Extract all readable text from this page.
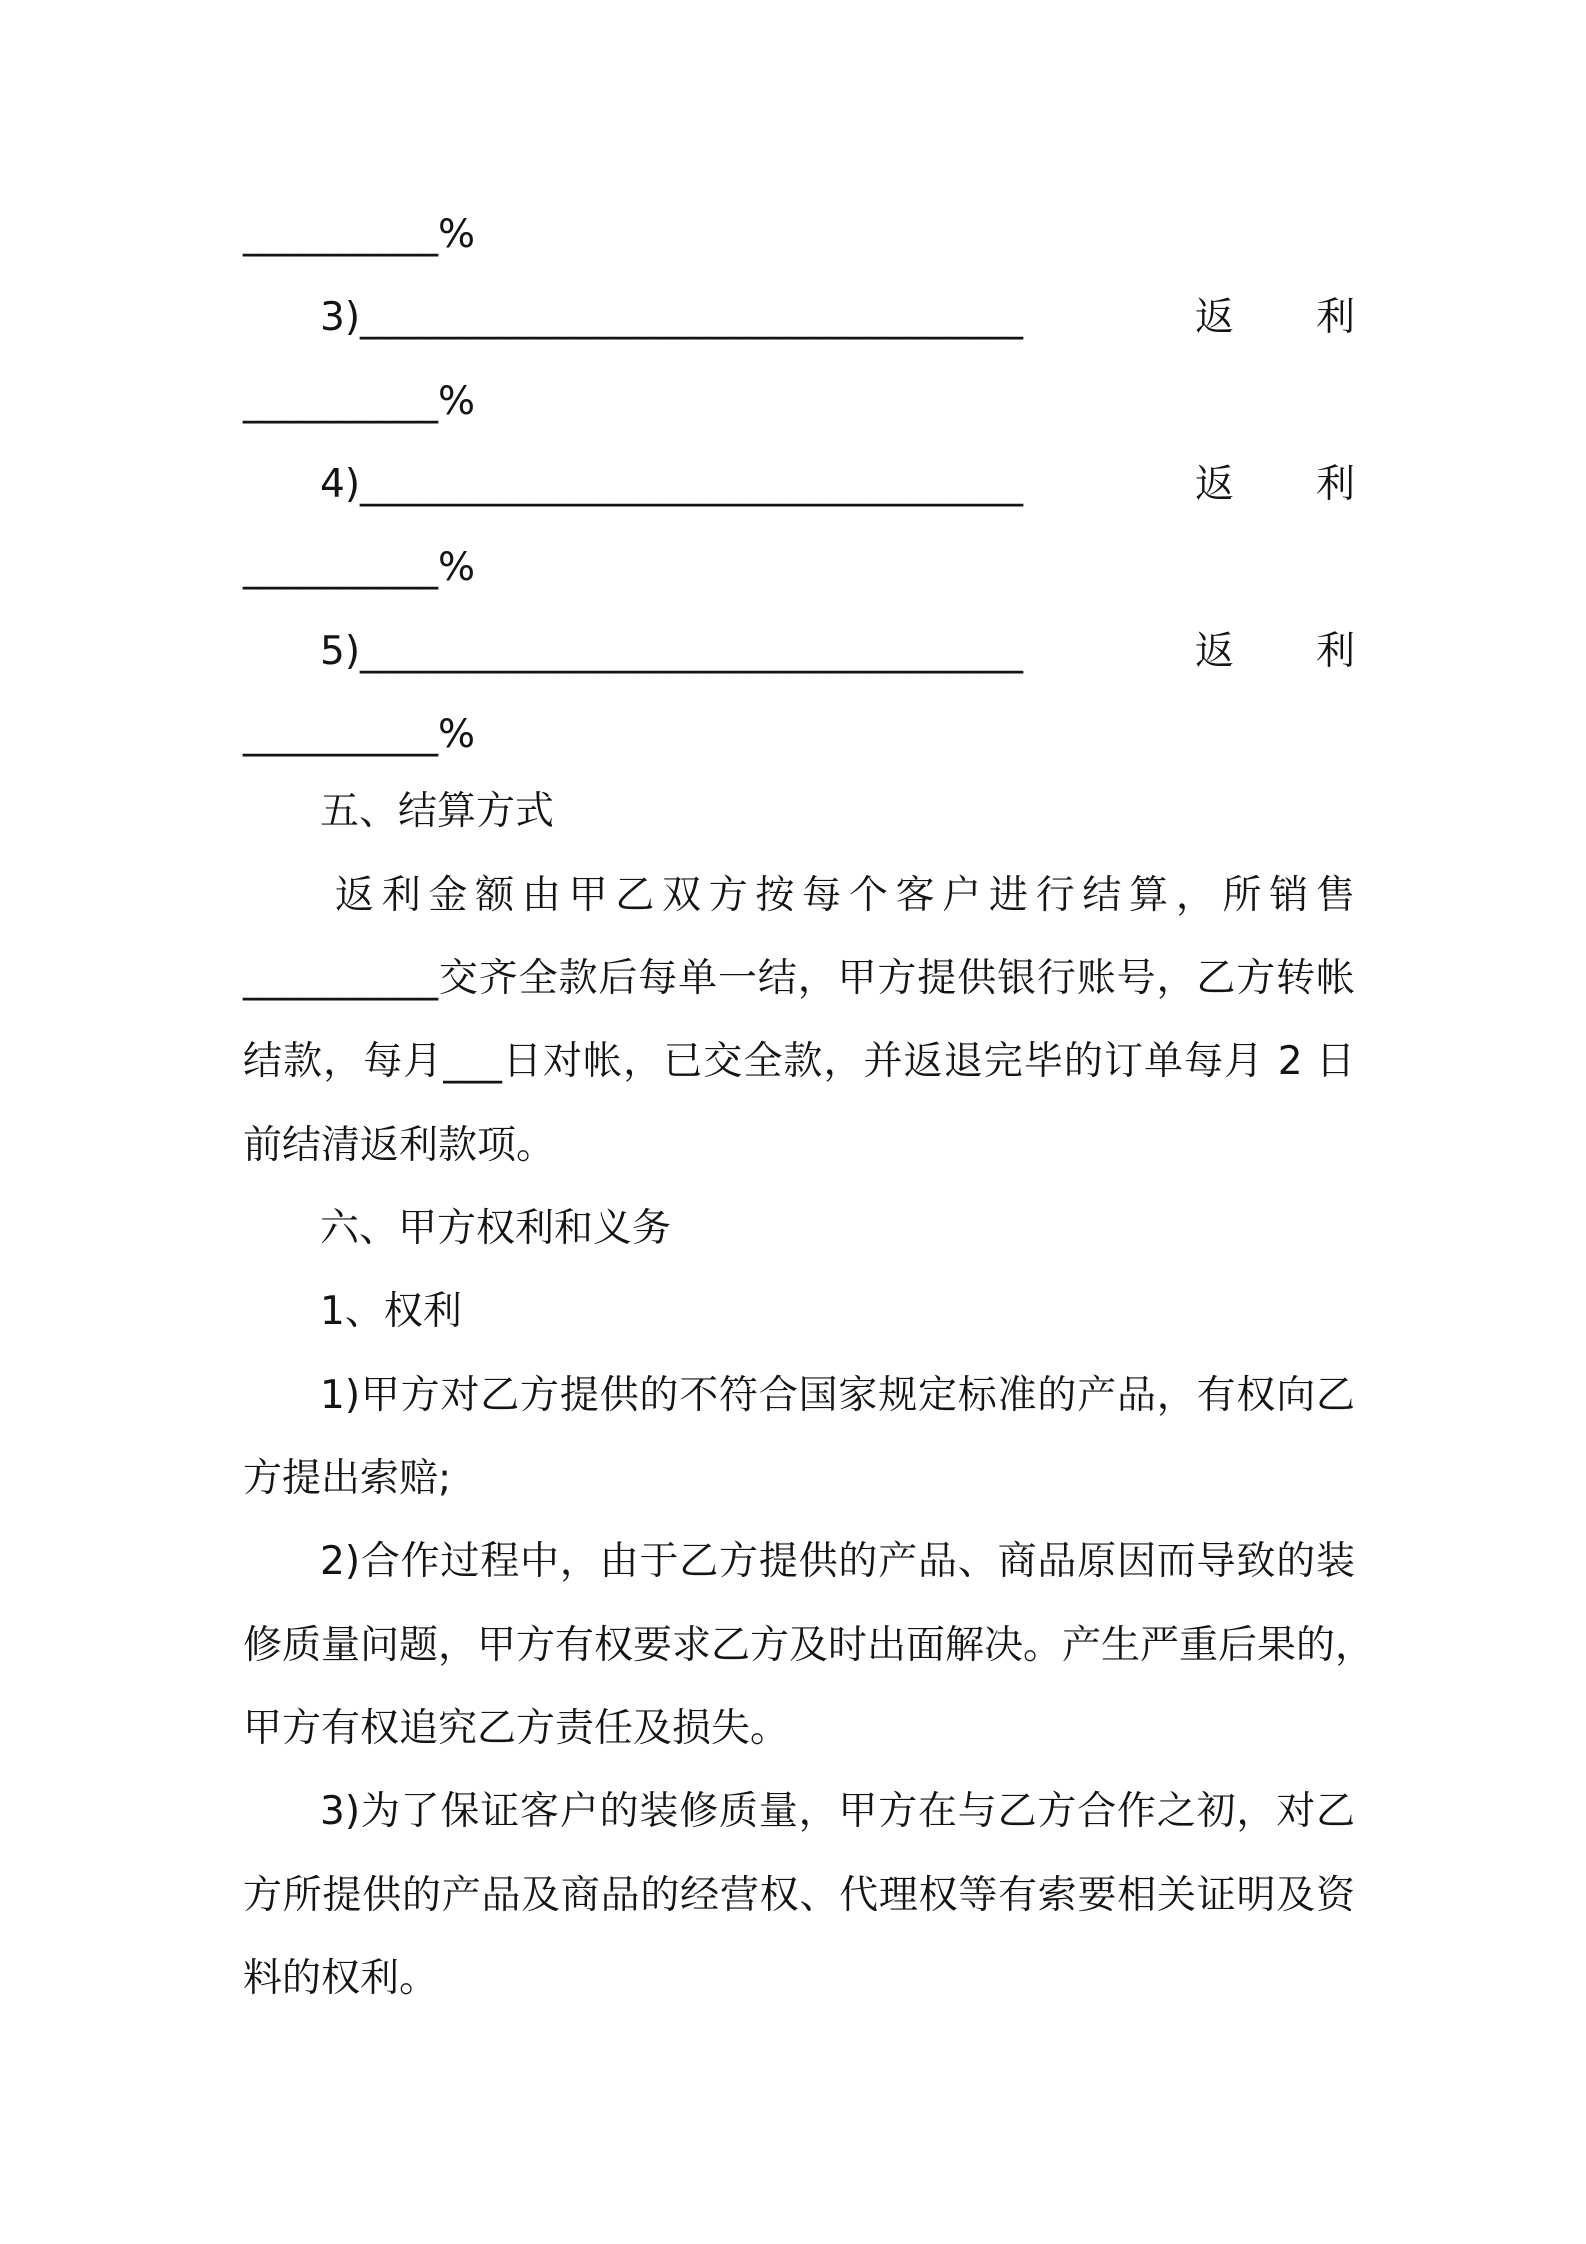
__________%
3)__________________________________	返 利
__________%
4)__________________________________	返 利
__________%
5)__________________________________	返 利
__________%
五、结算方式
返利金额由甲乙双方按每个客户进行结算，所销售
__________交齐全款后每单一结，甲方提供银行账号，乙方转帐
结款，每月___日对帐，已交全款，并返退完毕的订单每月 2 日
前结清返利款项。
六、甲方权利和义务
1、权利
1)甲方对乙方提供的不符合国家规定标准的产品，有权向乙
方提出索赔;
2)合作过程中，由于乙方提供的产品、商品原因而导致的装
修质量问题，甲方有权要求乙方及时出面解决。产生严重后果的，
甲方有权追究乙方责任及损失。
3)为了保证客户的装修质量，甲方在与乙方合作之初，对乙
方所提供的产品及商品的经营权、代理权等有索要相关证明及资
料的权利。
